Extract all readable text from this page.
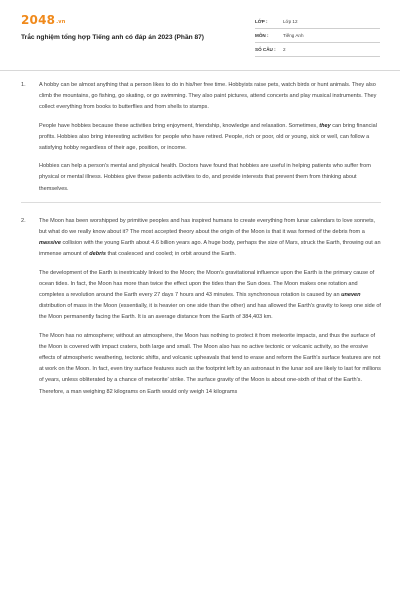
2048.vn
Trắc nghiệm tổng hợp Tiếng anh có đáp án 2023 (Phần 87)
LỚP :	Lớp 12
MÔN :	Tiếng Anh
SỐ CÂU :	2
1. A hobby can be almost anything that a person likes to do in his/her free time. Hobbyists raise pets, watch birds or hunt animals. They also climb the mountains, go fishing, go skating, or go swimming. They also paint pictures, attend concerts and play musical instruments. They collect everything from books to butterflies and from shells to stamps.

People have hobbies because these activities bring enjoyment, friendship, knowledge and relaxation. Sometimes, they can bring financial profits. Hobbies also bring interesting activities for people who have retired. People, rich or poor, old or young, sick or well, can follow a satisfying hobby regardless of their age, position, or income.

Hobbies can help a person's mental and physical health. Doctors have found that hobbies are useful in helping patients who suffer from physical or mental illness. Hobbies give these patients activities to do, and provide interests that prevent them from thinking about themselves.

2. The Moon has been worshipped by primitive peoples and has inspired humans to create everything from lunar calendars to love sonnets, but what do we really know about it? The most accepted theory about the origin of the Moon is that it was formed of the debris from a massive collision with the young Earth about 4.6 billion years ago. A huge body, perhaps the size of Mars, struck the Earth, throwing out an immense amount of debris that coalesced and cooled; in orbit around the Earth.

The development of the Earth is inextricably linked to the Moon; the Moon's gravitational influence upon the Earth is the primary cause of ocean tides. In fact, the Moon has more than twice the effect upon the tides than the Sun does. The Moon makes one rotation and completes a revolution around the Earth every 27 days 7 hours and 43 minutes. This synchronous rotation is caused by an uneven distribution of mass in the Moon (essentially, it is heavier on one side than the other) and has allowed the Earth's gravity to keep one side of the Moon permanently facing the Earth. It is an average distance from the Earth of 384,403 km.

The Moon has no atmosphere; without an atmosphere, the Moon has nothing to protect it from meteorite impacts, and thus the surface of the Moon is covered with impact craters, both large and small. The Moon also has no active tectonic or volcanic activity, so the erosive effects of atmospheric weathering, tectonic shifts, and volcanic upheavals that tend to erase and reform the Earth's surface features are not at work on the Moon. In fact, even tiny surface features such as the footprint left by an astronaut in the lunar soil are likely to last for millions of years, unless obliterated by a chance of meteorite' strike. The surface gravity of the Moon is about one-sixth of that of the Earth's. Therefore, a man weighing 82 kilograms on Earth would only weigh 14 kilograms
